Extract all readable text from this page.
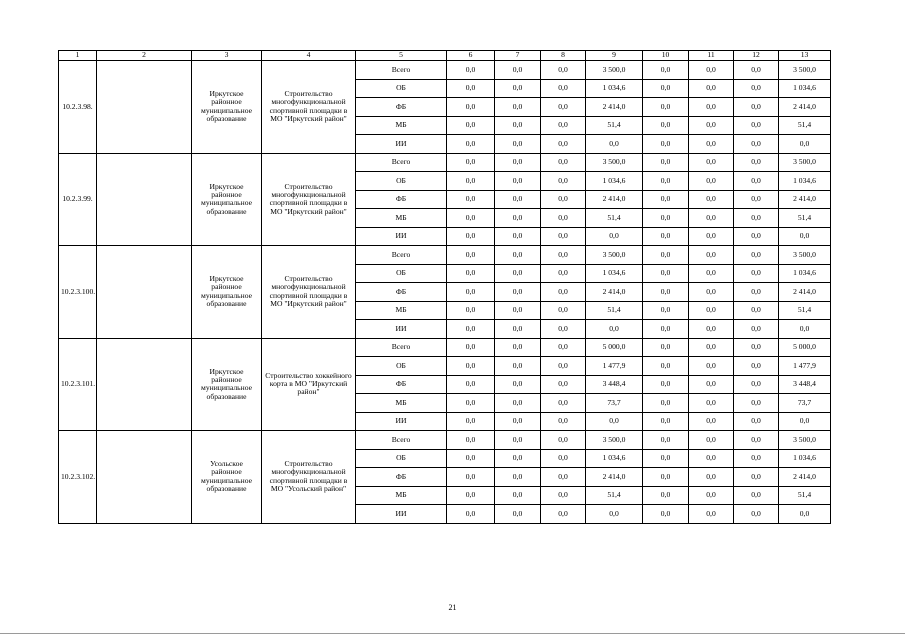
1	2	3	4	5	6	7	8	9	10	11	12	13
10.2.3.98.		Иркутское районное муниципальное образование	Строительство многофункциональной спортивной площадки в МО "Иркутский район"	Всего	0,0	0,0	0,0	3 500,0	0,0	0,0	0,0	3 500,0
				ОБ	0,0	0,0	0,0	1 034,6	0,0	0,0	0,0	1 034,6
				ФБ	0,0	0,0	0,0	2 414,0	0,0	0,0	0,0	2 414,0
				МБ	0,0	0,0	0,0	51,4	0,0	0,0	0,0	51,4
				ИИ	0,0	0,0	0,0	0,0	0,0	0,0	0,0	0,0
10.2.3.99.		Иркутское районное муниципальное образование	Строительство многофункциональной спортивной площадки в МО "Иркутский район"	Всего	0,0	0,0	0,0	3 500,0	0,0	0,0	0,0	3 500,0
				ОБ	0,0	0,0	0,0	1 034,6	0,0	0,0	0,0	1 034,6
				ФБ	0,0	0,0	0,0	2 414,0	0,0	0,0	0,0	2 414,0
				МБ	0,0	0,0	0,0	51,4	0,0	0,0	0,0	51,4
				ИИ	0,0	0,0	0,0	0,0	0,0	0,0	0,0	0,0
10.2.3.100.		Иркутское районное муниципальное образование	Строительство многофункциональной спортивной площадки в МО "Иркутский район"	Всего	0,0	0,0	0,0	3 500,0	0,0	0,0	0,0	3 500,0
				ОБ	0,0	0,0	0,0	1 034,6	0,0	0,0	0,0	1 034,6
				ФБ	0,0	0,0	0,0	2 414,0	0,0	0,0	0,0	2 414,0
				МБ	0,0	0,0	0,0	51,4	0,0	0,0	0,0	51,4
				ИИ	0,0	0,0	0,0	0,0	0,0	0,0	0,0	0,0
10.2.3.101.		Иркутское районное муниципальное образование	Строительство хоккейного корта в МО "Иркутский район"	Всего	0,0	0,0	0,0	5 000,0	0,0	0,0	0,0	5 000,0
				ОБ	0,0	0,0	0,0	1 477,9	0,0	0,0	0,0	1 477,9
				ФБ	0,0	0,0	0,0	3 448,4	0,0	0,0	0,0	3 448,4
				МБ	0,0	0,0	0,0	73,7	0,0	0,0	0,0	73,7
				ИИ	0,0	0,0	0,0	0,0	0,0	0,0	0,0	0,0
10.2.3.102.		Усольское районное муниципальное образование	Строительство многофункциональной спортивной площадки в МО "Усольский район"	Всего	0,0	0,0	0,0	3 500,0	0,0	0,0	0,0	3 500,0
				ОБ	0,0	0,0	0,0	1 034,6	0,0	0,0	0,0	1 034,6
				ФБ	0,0	0,0	0,0	2 414,0	0,0	0,0	0,0	2 414,0
				МБ	0,0	0,0	0,0	51,4	0,0	0,0	0,0	51,4
				ИИ	0,0	0,0	0,0	0,0	0,0	0,0	0,0	0,0
21
